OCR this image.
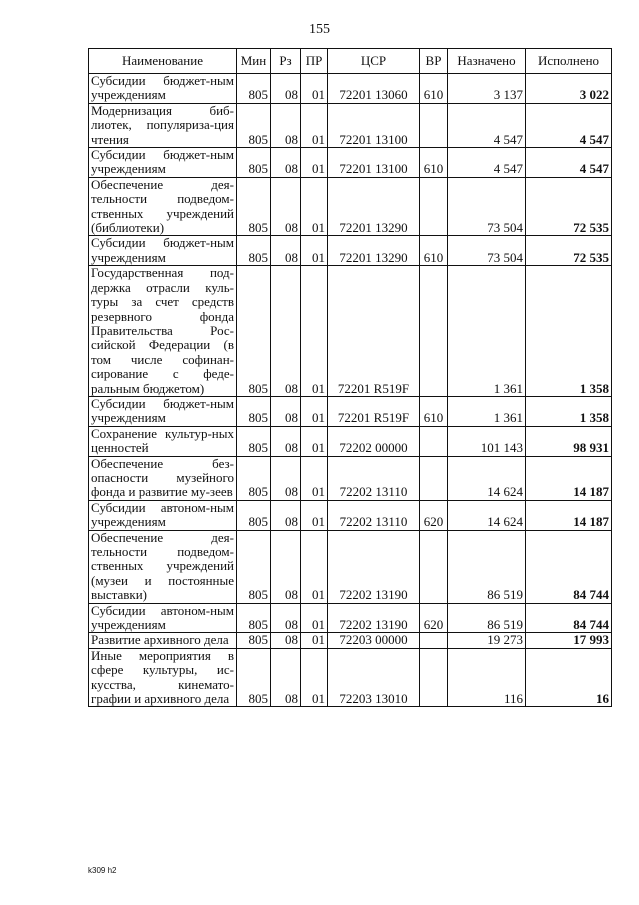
155
Наименование	Мин	Рз	ПР	ЦСР	ВР	Назначено	Исполнено
Субсидии бюджет-ным учреждениям	805	08	01	72201 13060	610	3 137	3 022
Модернизация биб-лиотек, популяриза-ция чтения	805	08	01	72201 13100		4 547	4 547
Субсидии бюджет-ным учреждениям	805	08	01	72201 13100	610	4 547	4 547
Обеспечение дея-тельности подведом-ственных учреждений (библиотеки)	805	08	01	72201 13290		73 504	72 535
Субсидии бюджет-ным учреждениям	805	08	01	72201 13290	610	73 504	72 535
Государственная под-держка отрасли куль-туры за счет средств резервного фонда Правительства Рос-сийской Федерации (в том числе софинан-сирование с феде-ральным бюджетом)	805	08	01	72201 R519F		1 361	1 358
Субсидии бюджет-ным учреждениям	805	08	01	72201 R519F	610	1 361	1 358
Сохранение культур-ных ценностей	805	08	01	72202 00000		101 143	98 931
Обеспечение без-опасности музейного фонда и развитие му-зеев	805	08	01	72202 13110		14 624	14 187
Субсидии автоном-ным учреждениям	805	08	01	72202 13110	620	14 624	14 187
Обеспечение дея-тельности подведом-ственных учреждений (музеи и постоянные выставки)	805	08	01	72202 13190		86 519	84 744
Субсидии автоном-ным учреждениям	805	08	01	72202 13190	620	86 519	84 744
Развитие архивного дела	805	08	01	72203 00000		19 273	17 993
Иные мероприятия в сфере культуры, ис-кусства, кинемато-графии и архивного дела	805	08	01	72203 13010		116	16
k309 h2
